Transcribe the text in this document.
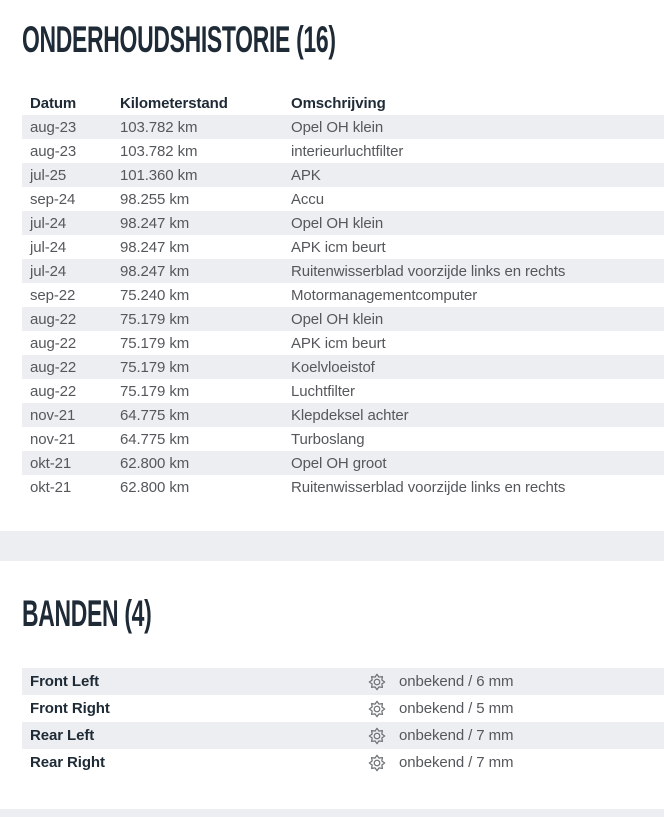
ONDERHOUDSHISTORIE (16)
Datum	Kilometerstand	Omschrijving
aug-23	103.782 km	Opel OH klein
aug-23	103.782 km	interieurluchtfilter
jul-25	101.360 km	APK
sep-24	98.255 km	Accu
jul-24	98.247 km	Opel OH klein
jul-24	98.247 km	APK icm beurt
jul-24	98.247 km	Ruitenwisserblad voorzijde links en rechts
sep-22	75.240 km	Motormanagementcomputer
aug-22	75.179 km	Opel OH klein
aug-22	75.179 km	APK icm beurt
aug-22	75.179 km	Koelvloeistof
aug-22	75.179 km	Luchtfilter
nov-21	64.775 km	Klepdeksel achter
nov-21	64.775 km	Turboslang
okt-21	62.800 km	Opel OH groot
okt-21	62.800 km	Ruitenwisserblad voorzijde links en rechts
BANDEN (4)
Front Left	onbekend / 6 mm
Front Right	onbekend / 5 mm
Rear Left	onbekend / 7 mm
Rear Right	onbekend / 7 mm
